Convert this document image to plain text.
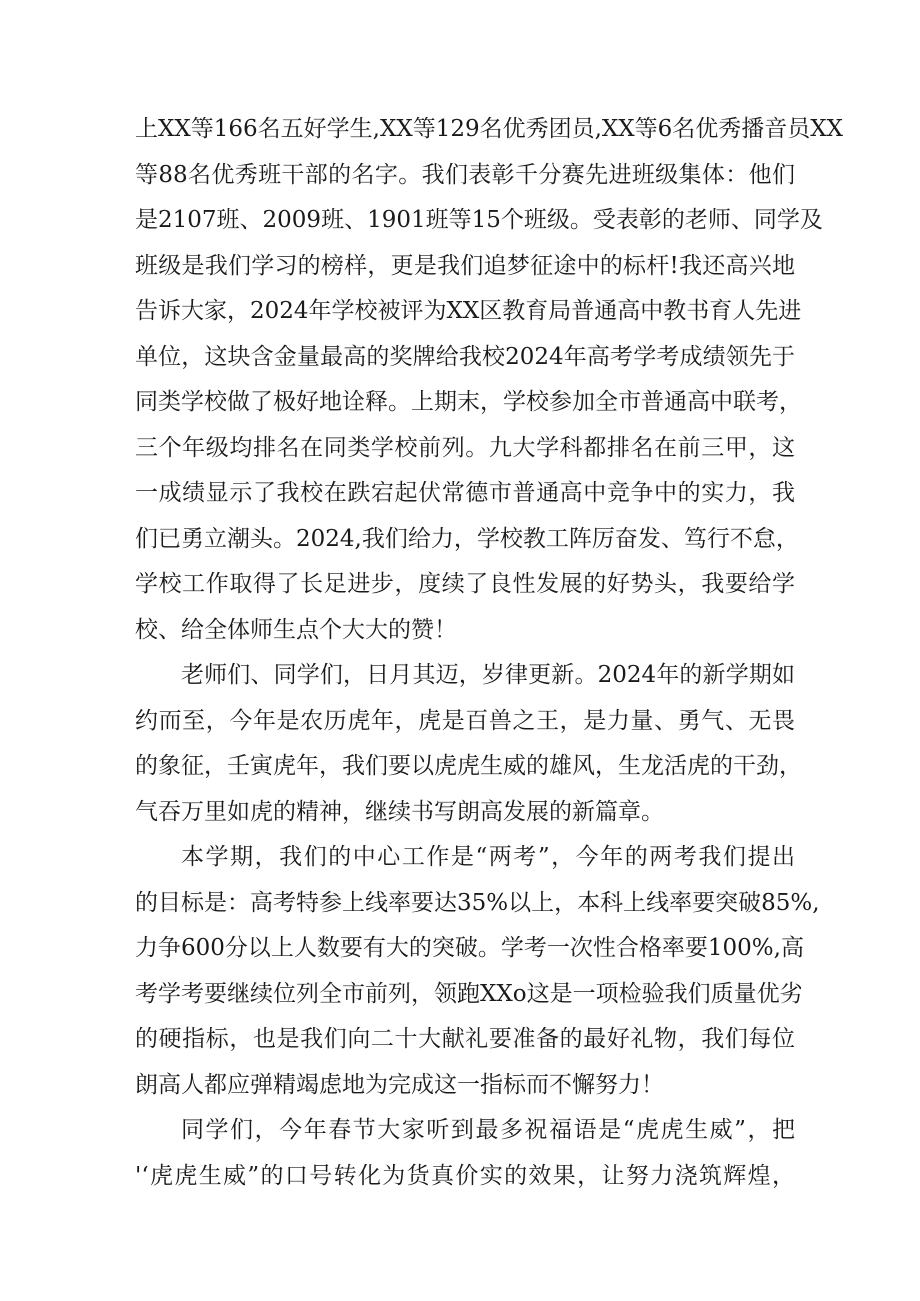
上XX等166名五好学生,XX等129名优秀团员,XX等6名优秀播音员XX
等88名优秀班干部的名字。我们表彰千分赛先进班级集体：他们
是2107班、2009班、1901班等15个班级。受表彰的老师、同学及
班级是我们学习的榜样，更是我们追梦征途中的标杆!我还高兴地
告诉大家，2024年学校被评为XX区教育局普通高中教书育人先进
单位，这块含金量最高的奖牌给我校2024年高考学考成绩领先于
同类学校做了极好地诠释。上期末，学校参加全市普通高中联考，
三个年级均排名在同类学校前列。九大学科都排名在前三甲，这
一成绩显示了我校在跌宕起伏常德市普通高中竞争中的实力，我
们已勇立潮头。2024,我们给力，学校教工阵厉奋发、笃行不怠，
学校工作取得了长足进步，度续了良性发展的好势头，我要给学
校、给全体师生点个大大的赞！
老师们、同学们，日月其迈，岁律更新。2024年的新学期如
约而至，今年是农历虎年，虎是百兽之王，是力量、勇气、无畏
的象征，壬寅虎年，我们要以虎虎生威的雄风，生龙活虎的干劲，
气吞万里如虎的精神，继续书写朗高发展的新篇章。
本学期，我们的中心工作是“两考”，今年的两考我们提出
的目标是：高考特参上线率要达35%以上，本科上线率要突破85%,
力争600分以上人数要有大的突破。学考一次性合格率要100%,高
考学考要继续位列全市前列，领跑XXo这是一项检验我们质量优劣
的硬指标，也是我们向二十大献礼要准备的最好礼物，我们每位
朗高人都应弹精竭虑地为完成这一指标而不懈努力！
同学们，今年春节大家听到最多祝福语是“虎虎生威”，把
'‘虎虎生威”的口号转化为货真价实的效果，让努力浇筑辉煌，
